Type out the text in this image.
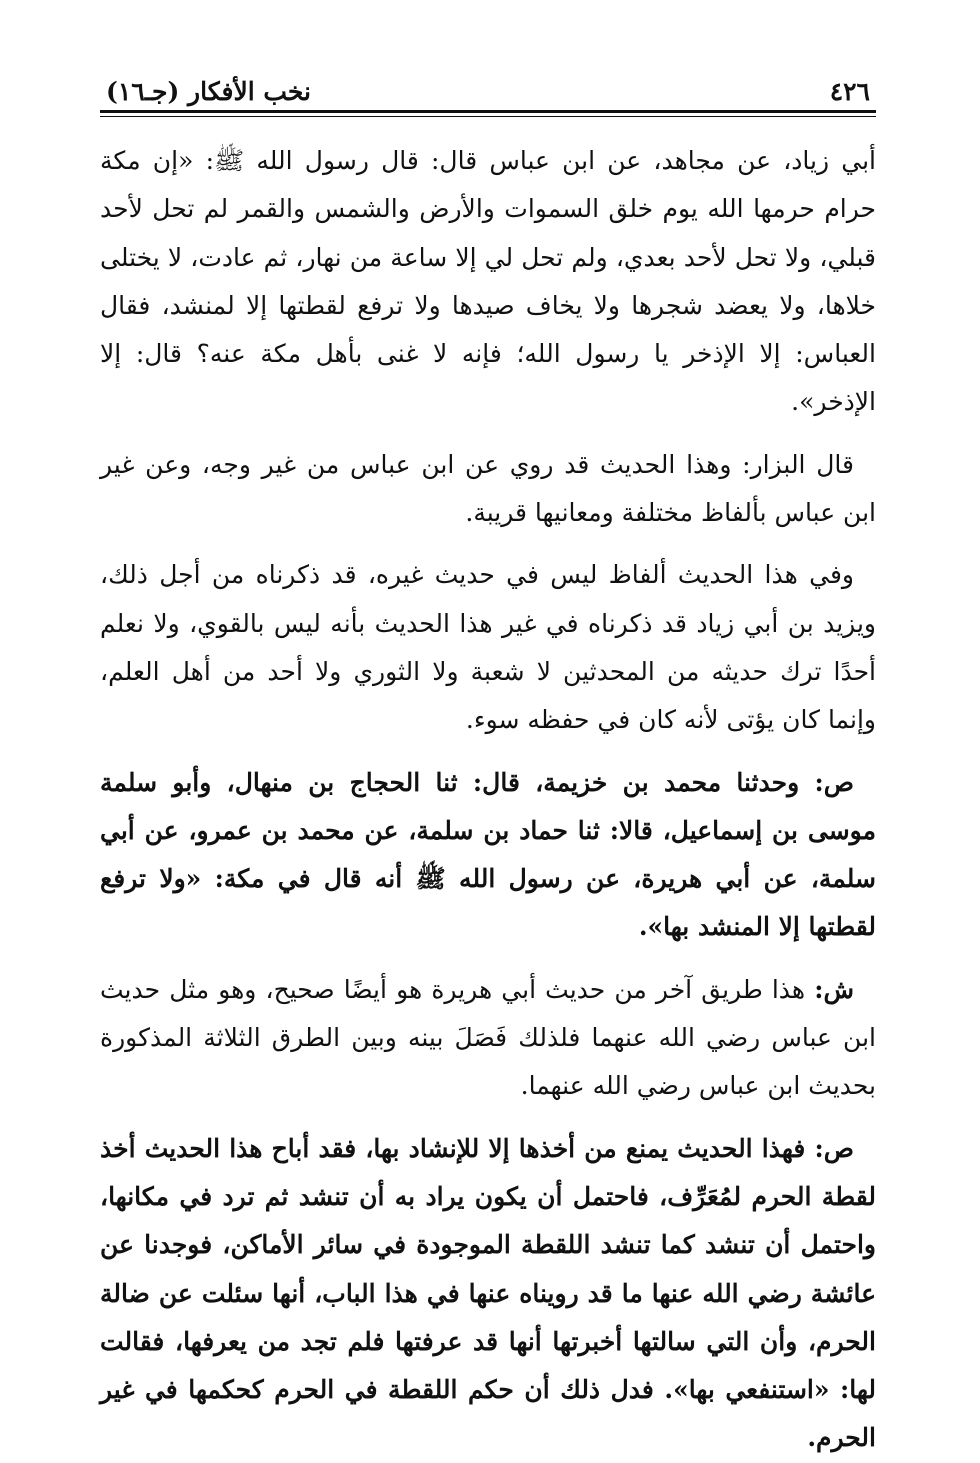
٤٢٦
نخب الأفكار (جـ١٦)

أبي زياد، عن مجاهد، عن ابن عباس قال: قال رسول الله ﷺ: «إن مكة حرام حرمها الله يوم خلق السموات والأرض والشمس والقمر لم تحل لأحد قبلي، ولا تحل لأحد بعدي، ولم تحل لي إلا ساعة من نهار، ثم عادت، لا يختلى خلاها، ولا يعضد شجرها ولا يخاف صيدها ولا ترفع لقطتها إلا لمنشد، فقال العباس: إلا الإذخر يا رسول الله؛ فإنه لا غنى بأهل مكة عنه؟ قال: إلا الإذخر».

قال البزار: وهذا الحديث قد روي عن ابن عباس من غير وجه، وعن غير ابن عباس بألفاظ مختلفة ومعانيها قريبة.

وفي هذا الحديث ألفاظ ليس في حديث غيره، قد ذكرناه من أجل ذلك، ويزيد بن أبي زياد قد ذكرناه في غير هذا الحديث بأنه ليس بالقوي، ولا نعلم أحدًا ترك حديثه من المحدثين لا شعبة ولا الثوري ولا أحد من أهل العلم، وإنما كان يؤتى لأنه كان في حفظه سوء.

ص: وحدثنا محمد بن خزيمة، قال: ثنا الحجاج بن منهال، وأبو سلمة موسى بن إسماعيل، قالا: ثنا حماد بن سلمة، عن محمد بن عمرو، عن أبي سلمة، عن أبي هريرة، عن رسول الله ﷺ أنه قال في مكة: «ولا ترفع لقطتها إلا المنشد بها».

ش: هذا طريق آخر من حديث أبي هريرة هو أيضًا صحيح، وهو مثل حديث ابن عباس رضي الله عنهما فلذلك فَصَلَ بينه وبين الطرق الثلاثة المذكورة بحديث ابن عباس رضي الله عنهما.

ص: فهذا الحديث يمنع من أخذها إلا للإنشاد بها، فقد أباح هذا الحديث أخذ لقطة الحرم لمُعَرِّف، فاحتمل أن يكون يراد به أن تنشد ثم ترد في مكانها، واحتمل أن تنشد كما تنشد اللقطة الموجودة في سائر الأماكن، فوجدنا عن عائشة رضي الله عنها ما قد رويناه عنها في هذا الباب، أنها سئلت عن ضالة الحرم، وأن التي سالتها أخبرتها أنها قد عرفتها فلم تجد من يعرفها، فقالت لها: «استنفعي بها». فدل ذلك أن حكم اللقطة في الحرم كحكمها في غير الحرم.
